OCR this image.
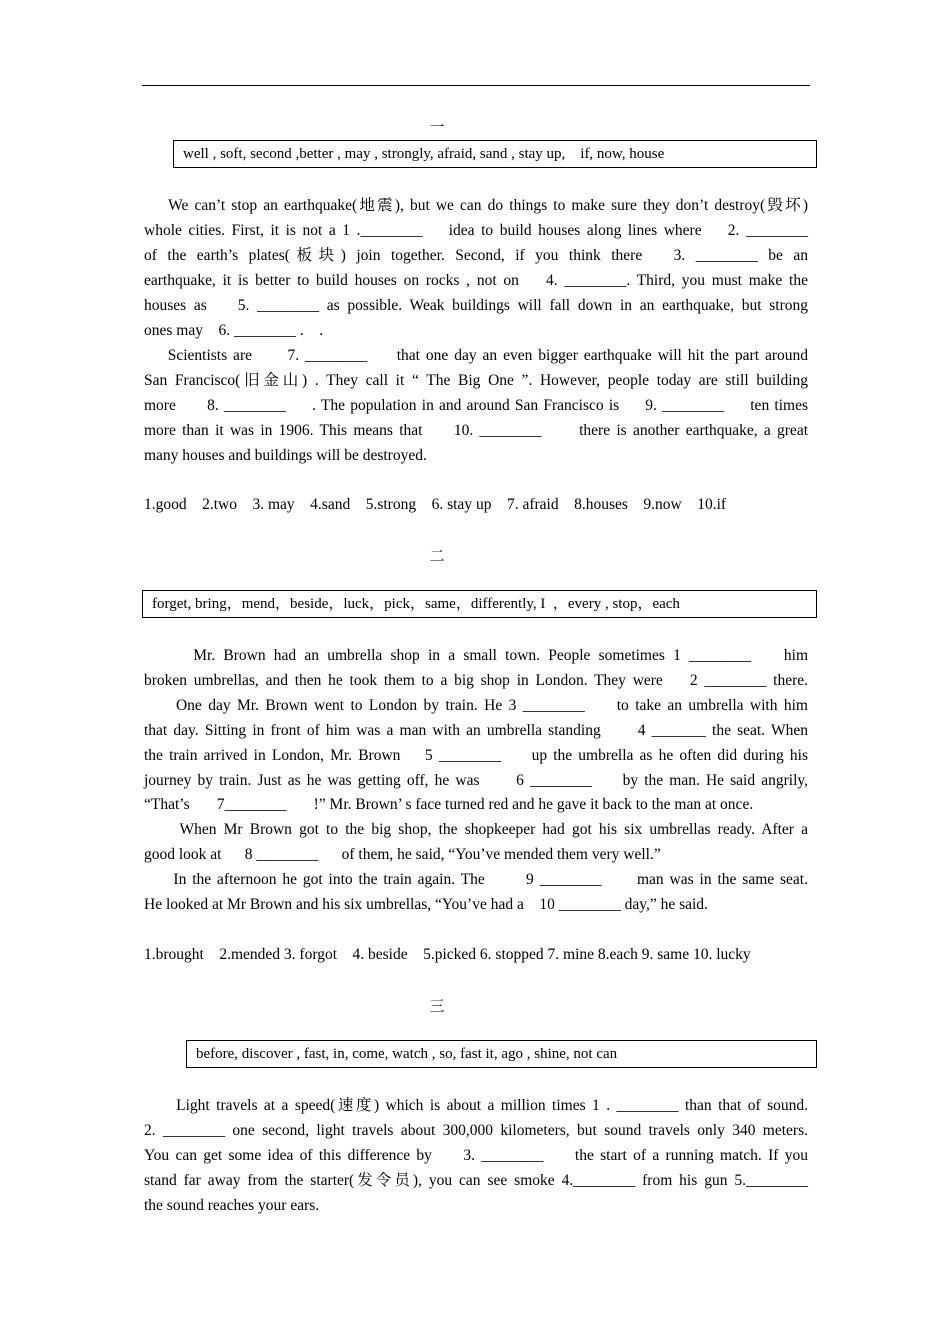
一
well , soft, second ,better , may , strongly, afraid, sand , stay up,    if, now, house
We can’t stop an earthquake(地震), but we can do things to make sure they don’t destroy(毁坏)
whole cities. First, it is not a 1 .________    idea to build houses along lines where    2. ________
of the earth’s plates(板块) join together. Second, if you think there   3. ________ be an
earthquake, it is better to build houses on rocks , not on    4. ________. Third, you must make the
houses as    5. ________ as possible. Weak buildings will fall down in an earthquake, but strong
ones may    6. ________ .    .
Scientists are      7. ________     that one day an even bigger earthquake will hit the part around
San Francisco(旧金山) . They call it “ The Big One ”. However, people today are still building
more      8. ________     . The population in and around San Francisco is     9. ________     ten times
more than it was in 1906. This means that     10. ________      there is another earthquake, a great
many houses and buildings will be destroyed.
1.good    2.two    3. may    4.sand    5.strong    6. stay up    7. afraid    8.houses    9.now    10.if
二
forget, bring，mend，beside，luck，pick，same，differently, I  ，every , stop，each
Mr. Brown had an umbrella shop in a small town. People sometimes 1 ________    him
broken umbrellas, and then he took them to a big shop in London. They were    2 ________ there.
One day Mr. Brown went to London by train. He 3 ________     to take an umbrella with him
that day. Sitting in front of him was a man with an umbrella standing      4 _______ the seat. When
the train arrived in London, Mr. Brown    5 ________     up the umbrella as he often did during his
journey by train. Just as he was getting off, he was      6 ________     by the man. He said angrily,
“That’s       7________       !” Mr. Brown’ s face turned red and he gave it back to the man at once.
When Mr Brown got to the big shop, the shopkeeper had got his six umbrellas ready. After a
good look at      8 ________      of them, he said, “You’ve mended them very well.”
In the afternoon he got into the train again. The       9 ________      man was in the same seat.
He looked at Mr Brown and his six umbrellas, “You’ve had a    10 ________ day,” he said.
1.brought    2.mended 3. forgot    4. beside    5.picked 6. stopped 7. mine 8.each 9. same 10. lucky
三
before, discover , fast, in, come, watch , so, fast it, ago , shine, not can
Light travels at a speed(速度) which is about a million times 1 . ________ than that of sound.
2. ________ one second, light travels about 300,000 kilometers, but sound travels only 340 meters.
You can get some idea of this difference by     3. ________     the start of a running match. If you
stand far away from the starter(发令员), you can see smoke 4.________ from his gun 5.________
the sound reaches your ears.
